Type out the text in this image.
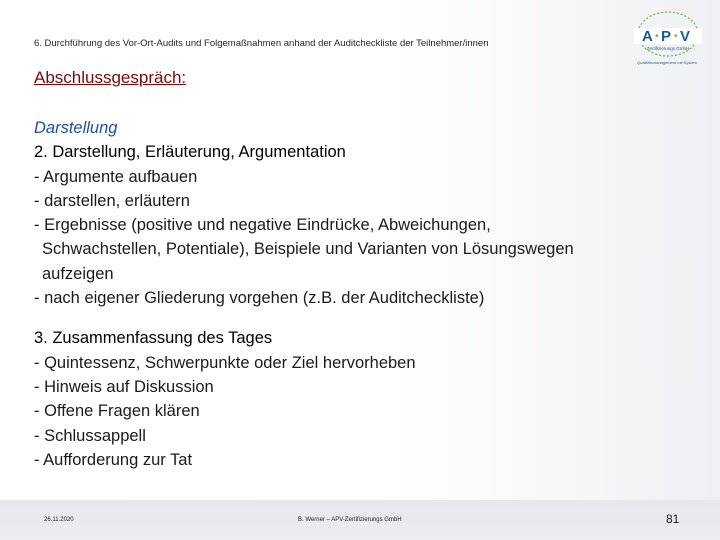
6. Durchführung des Vor-Ort-Audits und Folgemaßnahmen anhand der Auditcheckliste der Teilnehmer/innen	A • P • V
Zertifizierungs GmbH
Qualitätsmanagement mit System
Abschlussgespräch:
Darstellung
2. Darstellung, Erläuterung, Argumentation
- Argumente aufbauen
- darstellen, erläutern
- Ergebnisse (positive und negative Eindrücke, Abweichungen,
Schwachstellen, Potentiale), Beispiele und Varianten von Lösungswegen
aufzeigen
- nach eigener Gliederung vorgehen (z.B. der Auditcheckliste)
3. Zusammenfassung des Tages
- Quintessenz, Schwerpunkte oder Ziel hervorheben
- Hinweis auf Diskussion
- Offene Fragen klären
- Schlussappell
- Aufforderung zur Tat
26.11.2020	B. Werner – APV-Zertifizierungs GmbH	81
